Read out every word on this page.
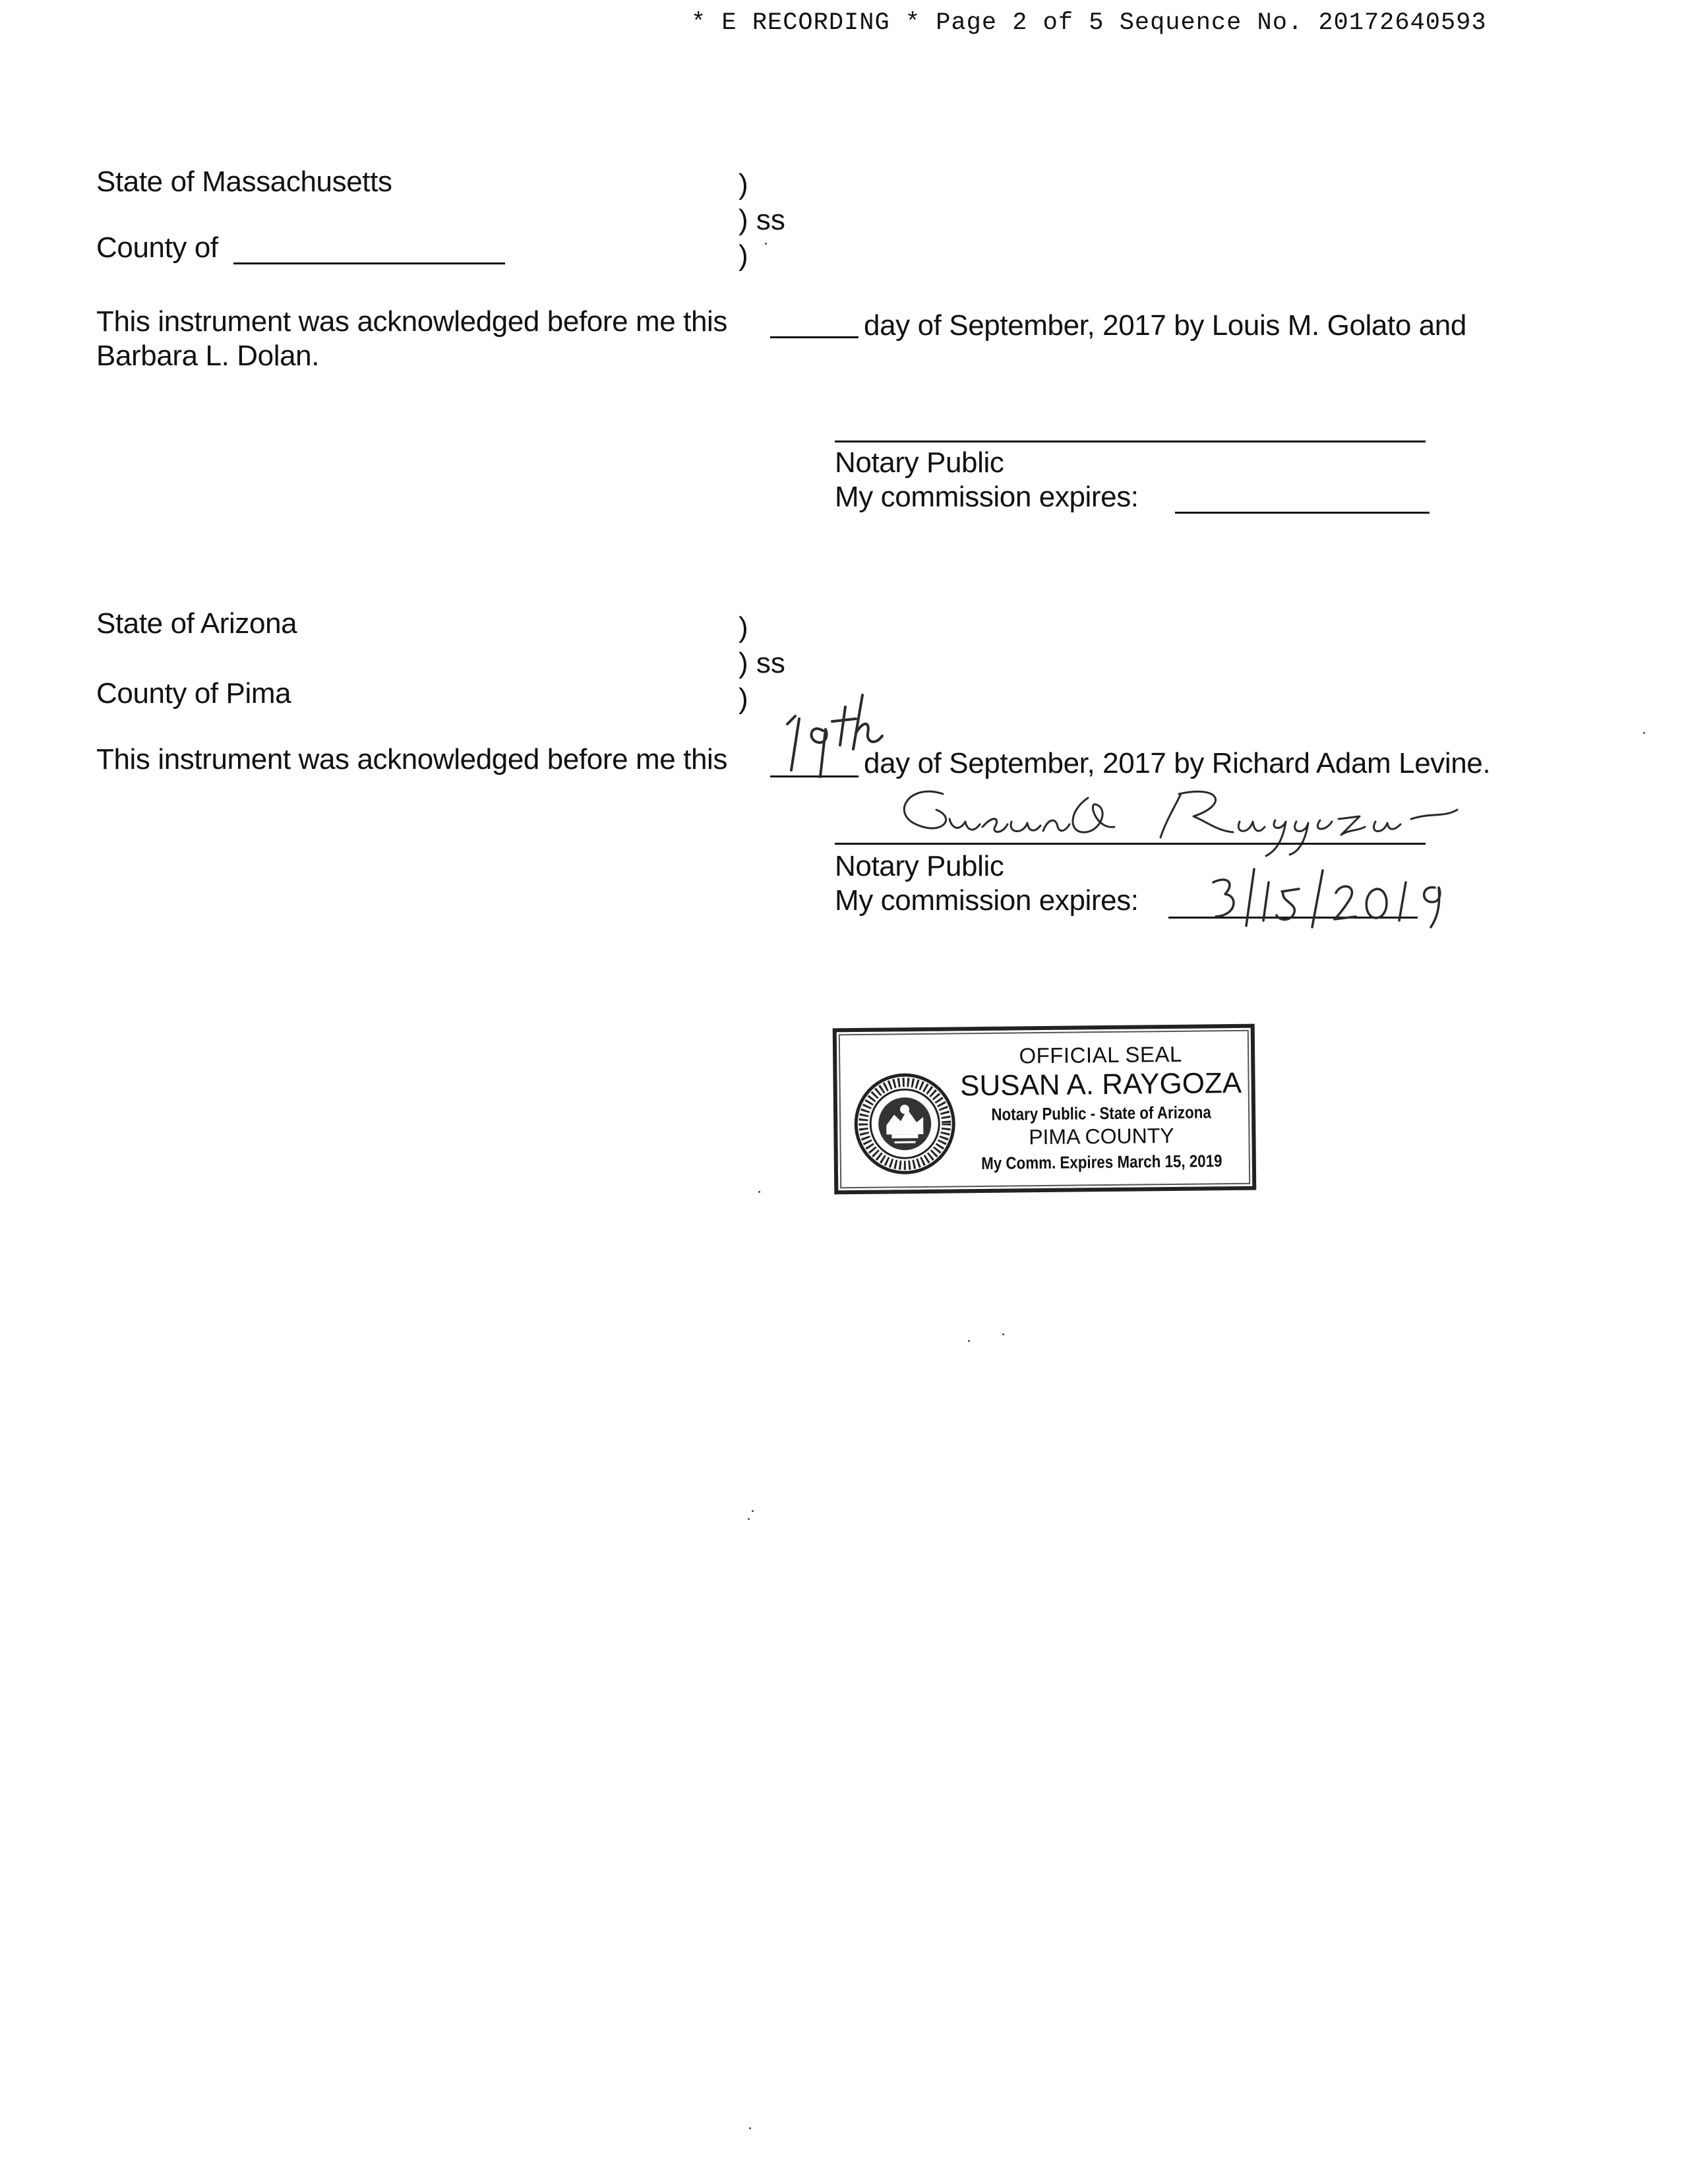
* E RECORDING * Page 2 of 5 Sequence No. 20172640593
State of Massachusetts	)
) ss
County of	)
This instrument was acknowledged before me this	day of September, 2017 by Louis M. Golato and
Barbara L. Dolan.
Notary Public
My commission expires:
State of Arizona	)
) ss
County of Pima	)
This instrument was acknowledged before me this	day of September, 2017 by Richard Adam Levine.
Notary Public
My commission expires:
OFFICIAL SEAL
SUSAN A. RAYGOZA
Notary Public - State of Arizona
PIMA COUNTY
My Comm. Expires March 15, 2019
